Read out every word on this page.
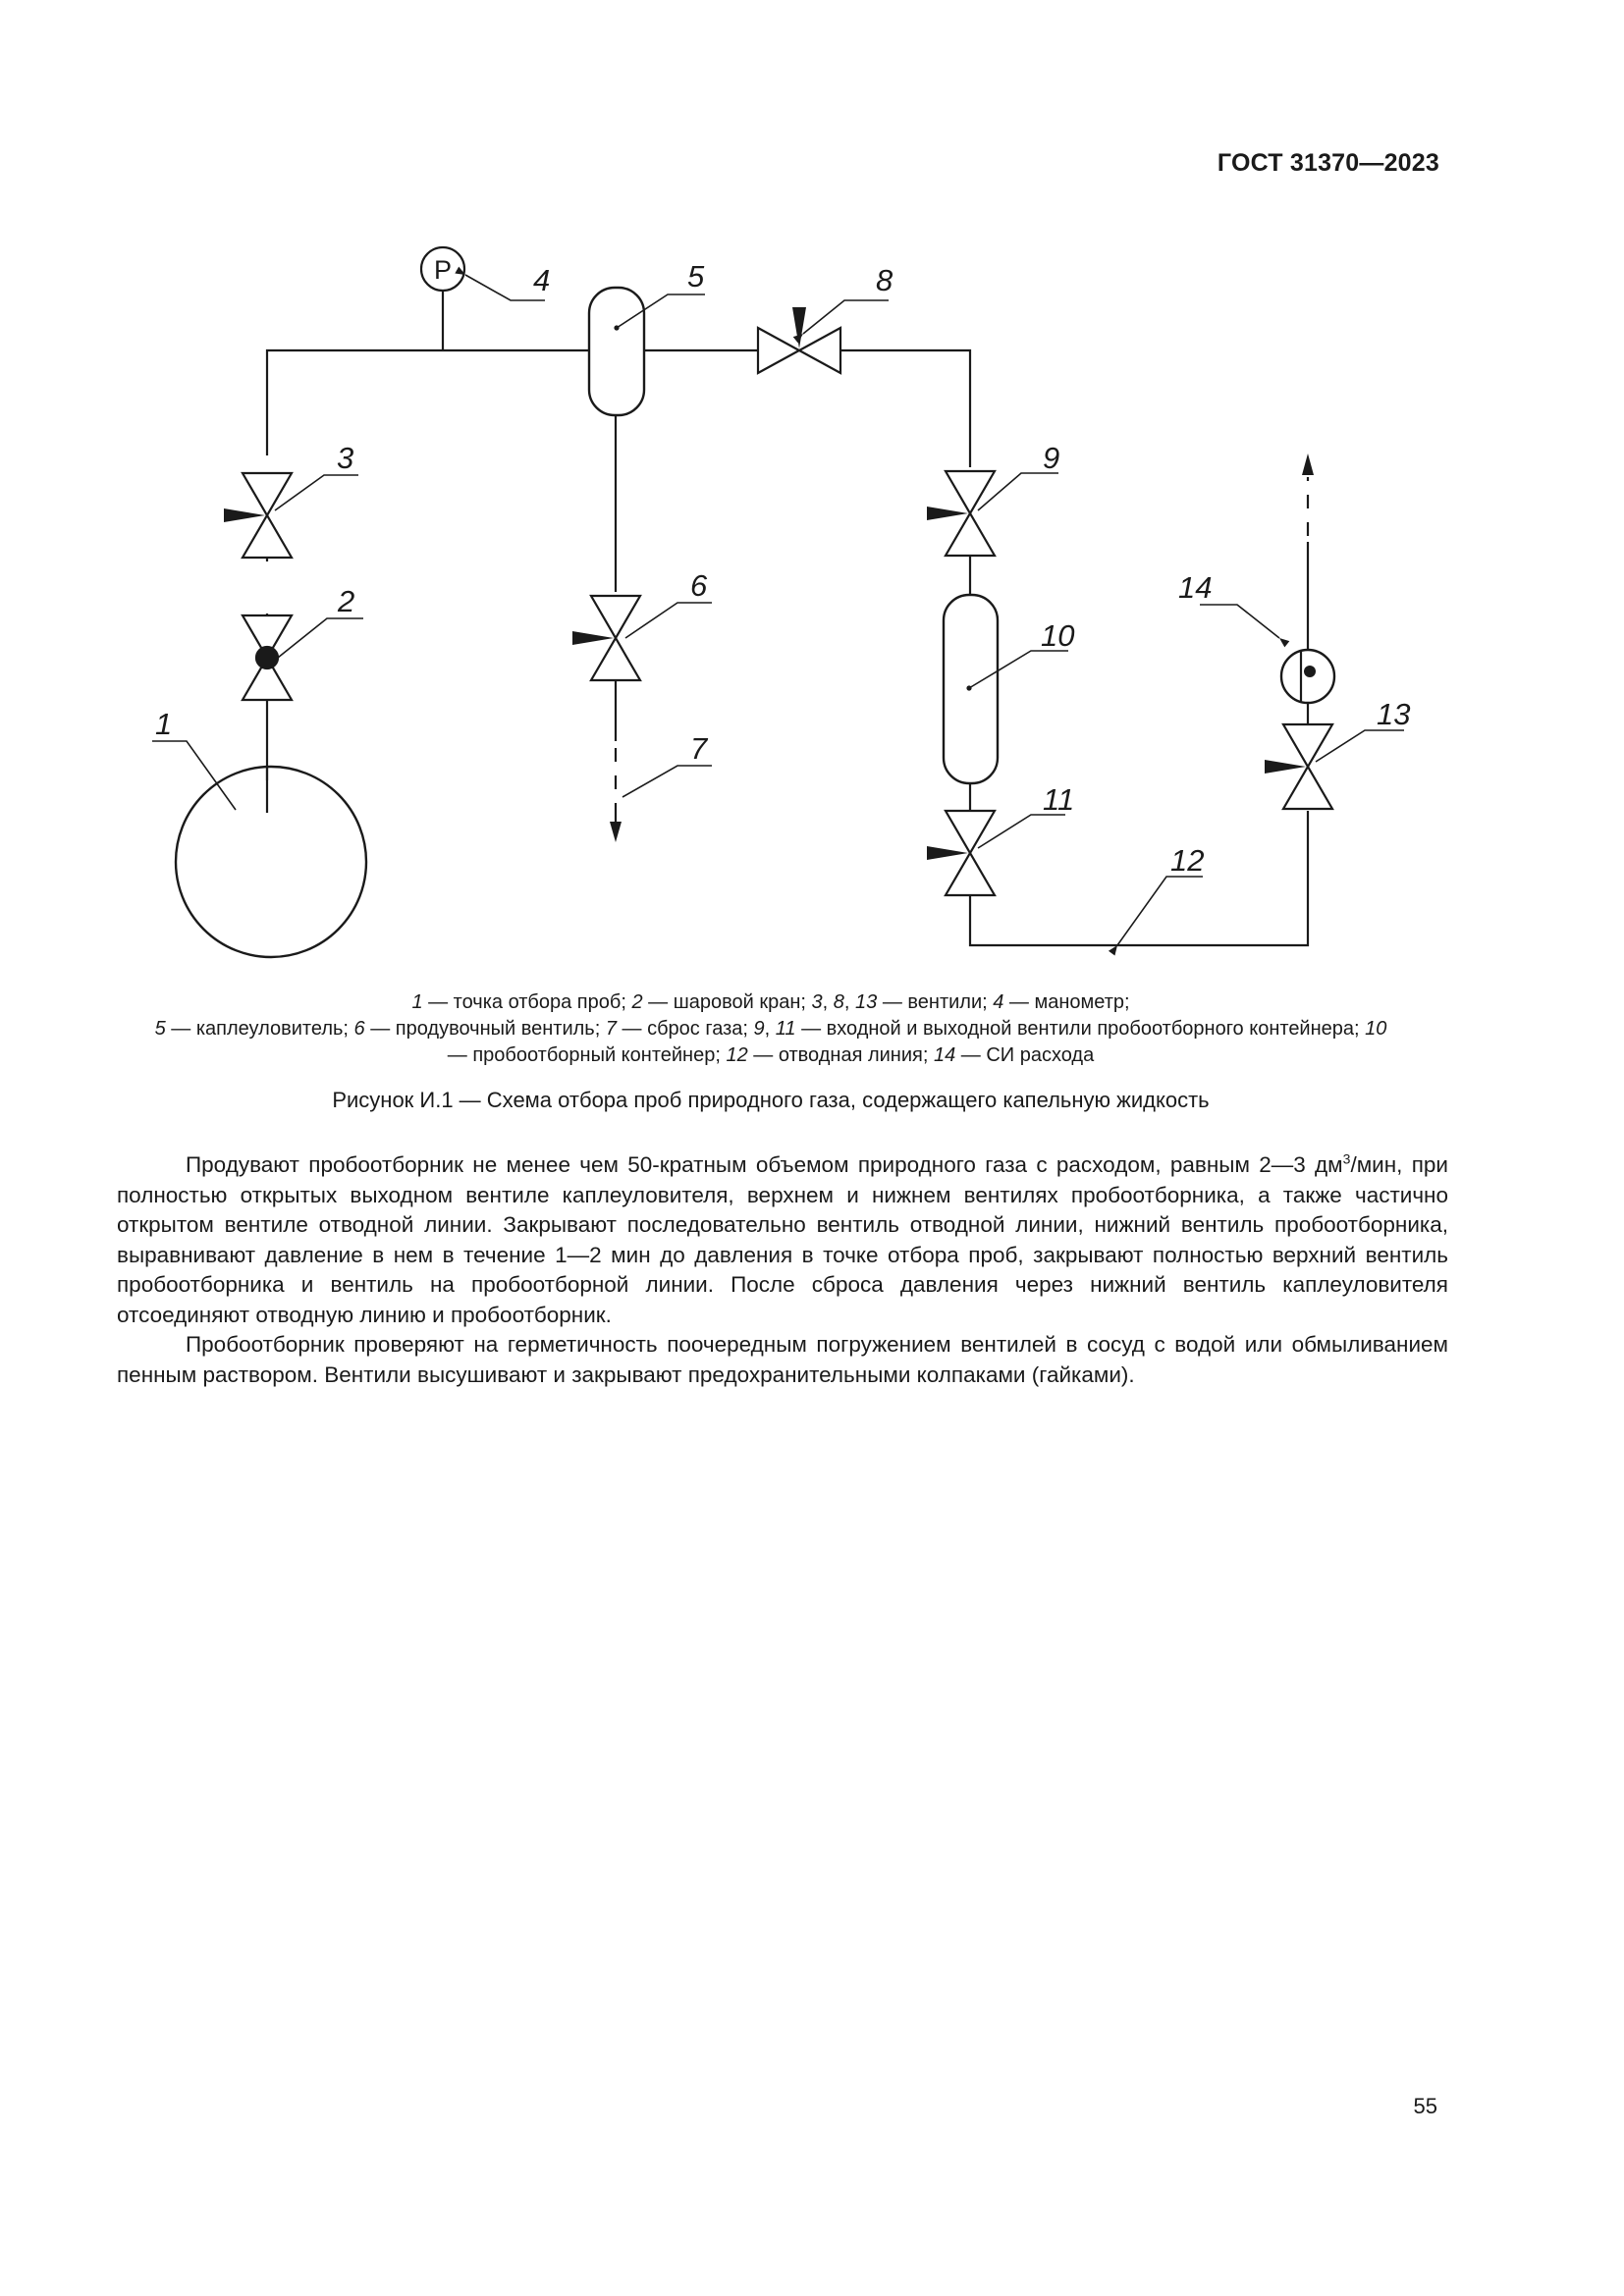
ГОСТ 31370—2023
P
1
2
3
4	5
6
7
8
9
10
11
12
13
14
1 — точка отбора проб; 2 — шаровой кран; 3, 8, 13 — вентили; 4 — манометр;
5 — каплеуловитель; 6 — продувочный вентиль; 7 — сброс газа; 9, 11 — входной и выходной вентили пробоотборного контейнера; 10 — пробоотборный контейнер; 12 — отводная линия; 14 — СИ расхода
Рисунок И.1 — Схема отбора проб природного газа, содержащего капельную жидкость

Продувают пробоотборник не менее чем 50-кратным объемом природного газа с расходом, равным 2—3 $дм^3$/мин, при полностью открытых выходном вентиле каплеуловителя, верхнем и нижнем вентилях пробоотборника, а также частично открытом вентиле отводной линии. Закрывают последовательно вентиль отводной линии, нижний вентиль пробоотборника, выравнивают давление в нем в течение 1—2 мин до давления в точке отбора проб, закрывают полностью верхний вентиль пробоотборника и вентиль на пробоотборной линии. После сброса давления через нижний вентиль каплеуловителя отсоединяют отводную линию и пробоотборник.

Пробоотборник проверяют на герметичность поочередным погружением вентилей в сосуд с водой или обмыливанием пенным раствором. Вентили высушивают и закрывают предохранительными колпаками (гайками).

55
